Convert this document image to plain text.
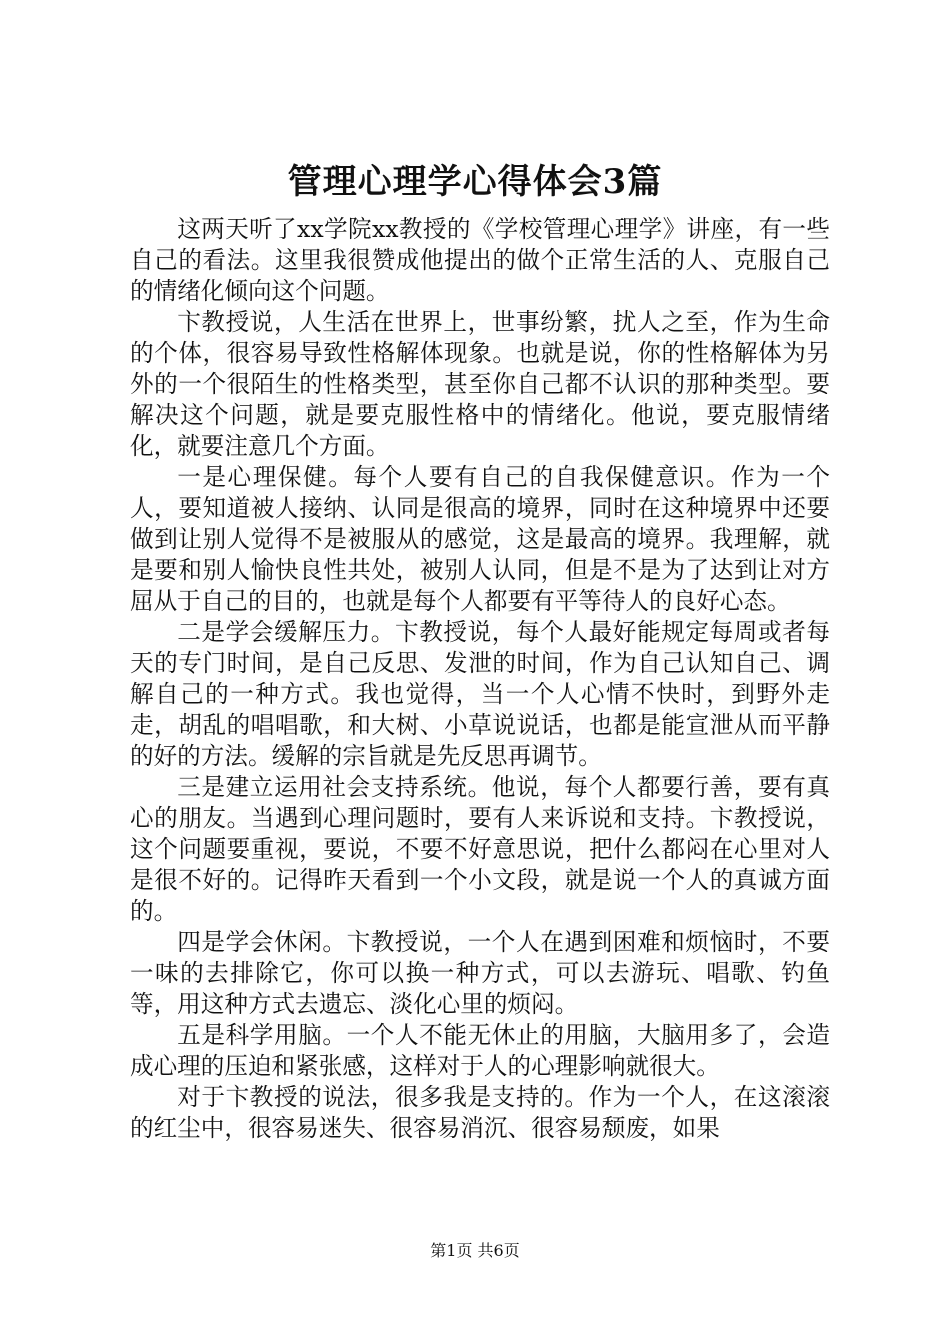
管理心理学心得体会3篇

这两天听了xx学院xx教授的《学校管理心理学》讲座，有一些自己的看法。这里我很赞成他提出的做个正常生活的人、克服自己的情绪化倾向这个问题。

卞教授说，人生活在世界上，世事纷繁，扰人之至，作为生命的个体，很容易导致性格解体现象。也就是说，你的性格解体为另外的一个很陌生的性格类型，甚至你自己都不认识的那种类型。要解决这个问题，就是要克服性格中的情绪化。他说，要克服情绪化，就要注意几个方面。

一是心理保健。每个人要有自己的自我保健意识。作为一个人，要知道被人接纳、认同是很高的境界，同时在这种境界中还要做到让别人觉得不是被服从的感觉，这是最高的境界。我理解，就是要和别人愉快良性共处，被别人认同，但是不是为了达到让对方屈从于自己的目的，也就是每个人都要有平等待人的良好心态。

二是学会缓解压力。卞教授说，每个人最好能规定每周或者每天的专门时间，是自己反思、发泄的时间，作为自己认知自己、调解自己的一种方式。我也觉得，当一个人心情不快时，到野外走走，胡乱的唱唱歌，和大树、小草说说话，也都是能宣泄从而平静的好的方法。缓解的宗旨就是先反思再调节。

三是建立运用社会支持系统。他说，每个人都要行善，要有真心的朋友。当遇到心理问题时，要有人来诉说和支持。卞教授说，这个问题要重视，要说，不要不好意思说，把什么都闷在心里对人是很不好的。记得昨天看到一个小文段，就是说一个人的真诚方面的。

四是学会休闲。卞教授说，一个人在遇到困难和烦恼时，不要一味的去排除它，你可以换一种方式，可以去游玩、唱歌、钓鱼等，用这种方式去遗忘、淡化心里的烦闷。

五是科学用脑。一个人不能无休止的用脑，大脑用多了，会造成心理的压迫和紧张感，这样对于人的心理影响就很大。

对于卞教授的说法，很多我是支持的。作为一个人，在这滚滚的红尘中，很容易迷失、很容易消沉、很容易颓废，如果

第1页 共6页
